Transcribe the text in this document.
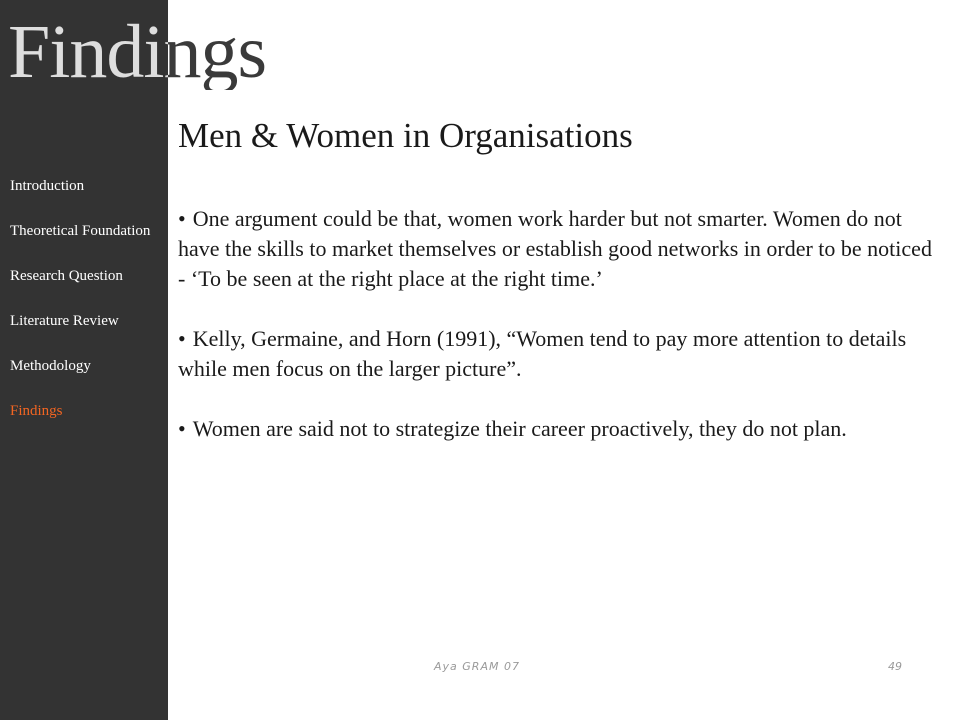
Findings
Introduction
Theoretical Foundation
Research Question
Literature Review
Methodology
Findings
Men & Women in Organisations
• One argument could be that, women work harder but not smarter. Women do not have the skills to market themselves or establish good networks in order to be noticed - ‘To be seen at the right place at the right time.’
• Kelly, Germaine, and Horn (1991), “Women tend to pay more attention to details while men focus on the larger picture”.
• Women are said not to strategize their career proactively, they do not plan.
Aya GRAM 07	49
